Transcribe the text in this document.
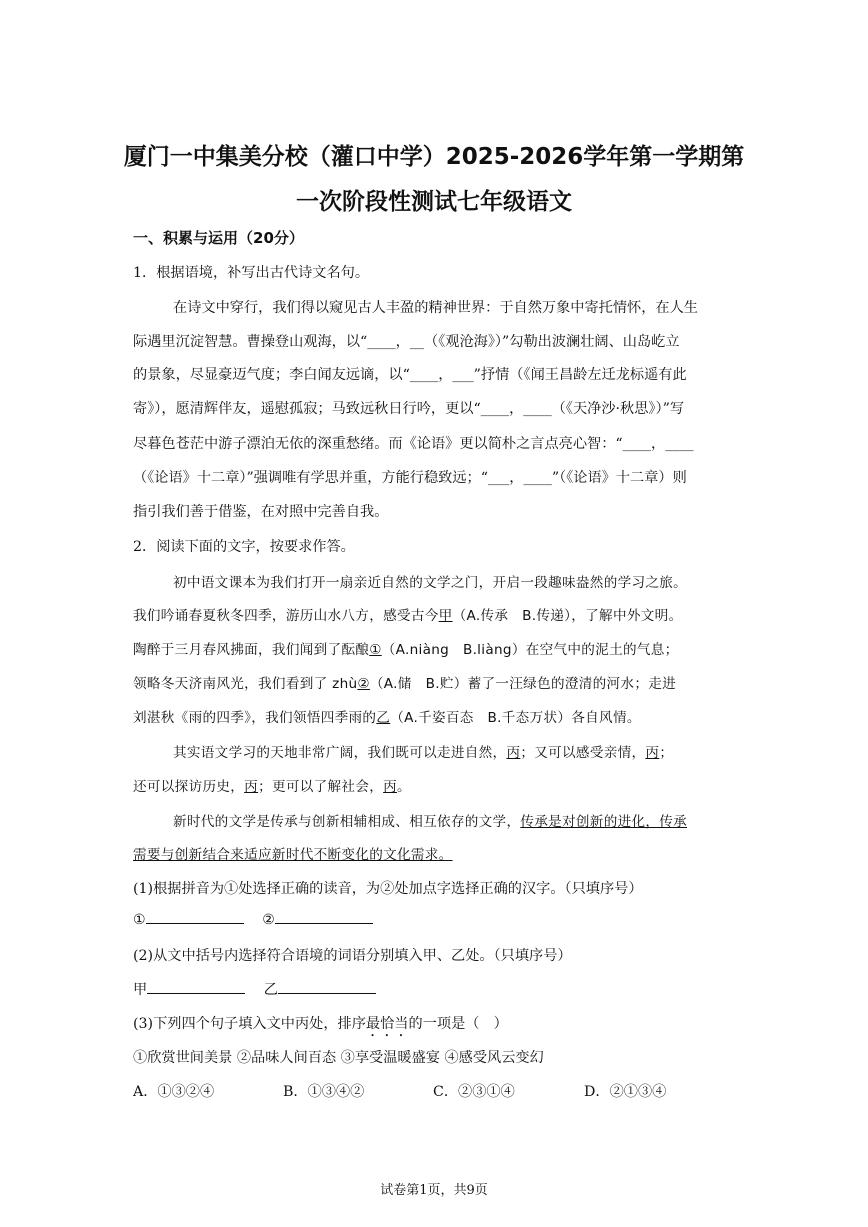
厦门一中集美分校（灌口中学）2025-2026学年第一学期第
一次阶段性测试七年级语文
一、积累与运用（20分）
1．根据语境，补写出古代诗文名句。
在诗文中穿行，我们得以窥见古人丰盈的精神世界：于自然万象中寄托情怀，在人生
际遇里沉淀智慧。曹操登山观海，以“____，__（《观沧海》）”勾勒出波澜壮阔、山岛屹立
的景象，尽显豪迈气度；李白闻友远谪，以“____，___”抒情（《闻王昌龄左迁龙标遥有此
寄》），愿清辉伴友，遥慰孤寂；马致远秋日行吟，更以“____，____（《天净沙·秋思》）”写
尽暮色苍茫中游子漂泊无依的深重愁绪。而《论语》更以简朴之言点亮心智：“____，____
（《论语》十二章）”强调唯有学思并重，方能行稳致远；“___，____”（《论语》十二章）则
指引我们善于借鉴，在对照中完善自我。
2．阅读下面的文字，按要求作答。
初中语文课本为我们打开一扇亲近自然的文学之门，开启一段趣味盎然的学习之旅。
我们吟诵春夏秋冬四季，游历山水八方，感受古今甲（A.传承　B.传递），了解中外文明。
陶醉于三月春风拂面，我们闻到了酝酿①（A.niàng　B.liàng）在空气中的泥土的气息；
领略冬天济南风光，我们看到了 zhù②（A.储　B.贮）蓄了一汪绿色的澄清的河水；走进
刘湛秋《雨的四季》，我们领悟四季雨的乙（A.千姿百态　B.千态万状）各自风情。
其实语文学习的天地非常广阔，我们既可以走进自然，丙；又可以感受亲情，丙；
还可以探访历史，丙；更可以了解社会，丙。
新时代的文学是传承与创新相辅相成、相互依存的文学，传承是对创新的进化，传承
需要与创新结合来适应新时代不断变化的文化需求。
(1)根据拼音为①处选择正确的读音，为②处加点字选择正确的汉字。（只填序号）
①	②
(2)从文中括号内选择符合语境的词语分别填入甲、乙处。（只填序号）
甲	乙
(3)下列四个句子填入文中丙处，排序最恰当的一项是（　）
①欣赏世间美景 ②品味人间百态 ③享受温暖盛宴 ④感受风云变幻
A．①③②④	B．①③④②	C．②③①④	D．②①③④
试卷第1页，共9页
